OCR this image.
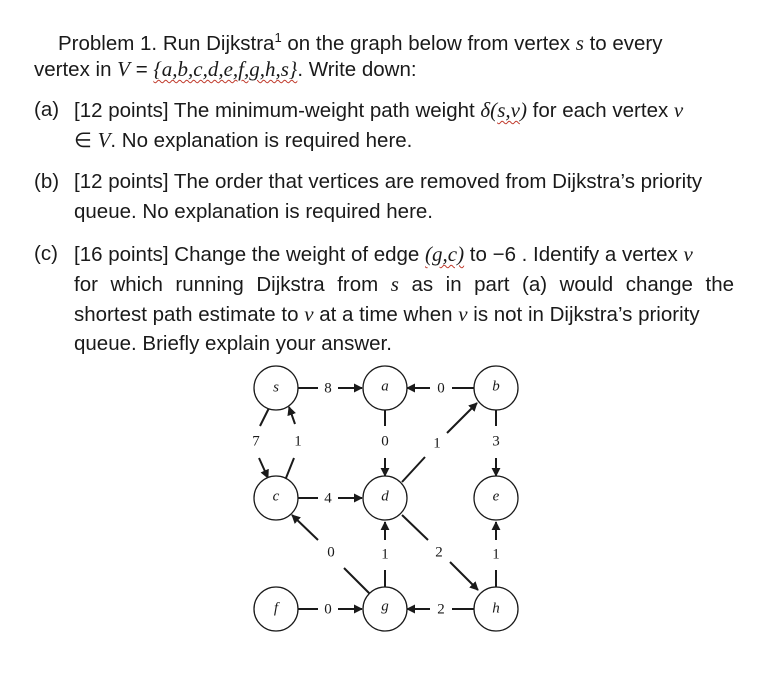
Problem 1. Run Dijkstra$^1$ on the graph below from vertex s to every
vertex in V = {a,b,c,d,e,f,g,h,s}. Write down:
(a) [12 points] The minimum-weight path weight δ(s,v) for each vertex v
∈ V. No explanation is required here.
(b) [12 points] The order that vertices are removed from Dijkstra’s priority
queue. No explanation is required here.
(c) [16 points] Change the weight of edge (g,c) to −6 . Identify a vertex v
for which running Dijkstra from s as in part (a) would change the
shortest path estimate to v at a time when v is not in Dijkstra’s priority
queue. Briefly explain your answer.
8	0
7 1	0	1	3
4
0	1	2	1
0	2
s	a	b
c	d	e
f	g	h
